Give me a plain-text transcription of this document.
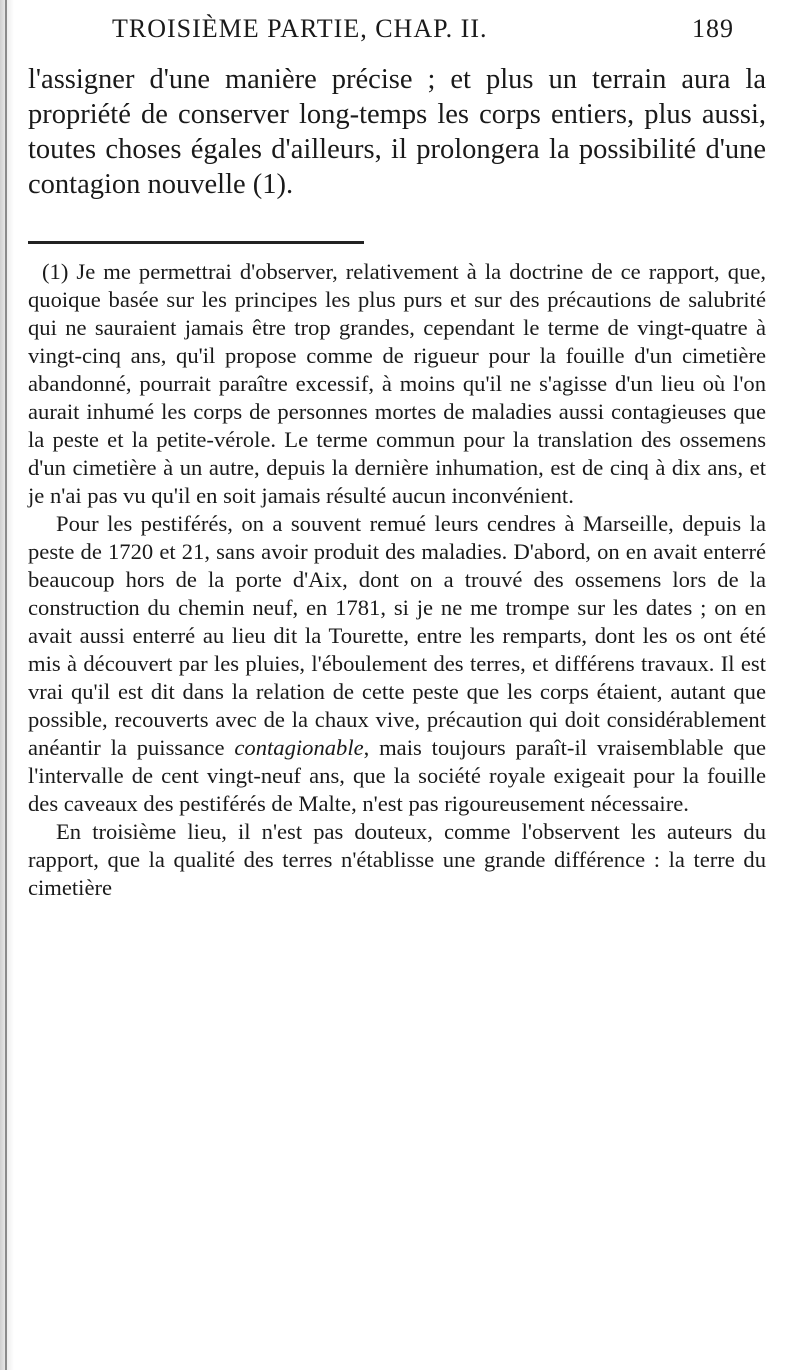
TROISIÈME PARTIE, CHAP. II.	189

l'assigner d'une manière précise ; et plus un terrain aura la propriété de conserver long-temps les corps entiers, plus aussi, toutes choses égales d'ailleurs, il prolongera la possibilité d'une contagion nouvelle (1).

(1) Je me permettrai d'observer, relativement à la doctrine de ce rapport, que, quoique basée sur les principes les plus purs et sur des précautions de salubrité qui ne sauraient jamais être trop grandes, cependant le terme de vingt-quatre à vingt-cinq ans, qu'il propose comme de rigueur pour la fouille d'un cimetière abandonné, pourrait paraître excessif, à moins qu'il ne s'agisse d'un lieu où l'on aurait inhumé les corps de personnes mortes de maladies aussi contagieuses que la peste et la petite-vérole. Le terme commun pour la translation des ossemens d'un cimetière à un autre, depuis la dernière inhumation, est de cinq à dix ans, et je n'ai pas vu qu'il en soit jamais résulté aucun inconvénient.

Pour les pestiférés, on a souvent remué leurs cendres à Marseille, depuis la peste de 1720 et 21, sans avoir produit des maladies. D'abord, on en avait enterré beaucoup hors de la porte d'Aix, dont on a trouvé des ossemens lors de la construction du chemin neuf, en 1781, si je ne me trompe sur les dates ; on en avait aussi enterré au lieu dit la Tourette, entre les remparts, dont les os ont été mis à découvert par les pluies, l'éboulement des terres, et différens travaux. Il est vrai qu'il est dit dans la relation de cette peste que les corps étaient, autant que possible, recouverts avec de la chaux vive, précaution qui doit considérablement anéantir la puissance contagionable, mais toujours paraît-il vraisemblable que l'intervalle de cent vingt-neuf ans, que la société royale exigeait pour la fouille des caveaux des pestiférés de Malte, n'est pas rigoureusement nécessaire.

En troisième lieu, il n'est pas douteux, comme l'observent les auteurs du rapport, que la qualité des terres n'établisse une grande différence : la terre du cimetière
